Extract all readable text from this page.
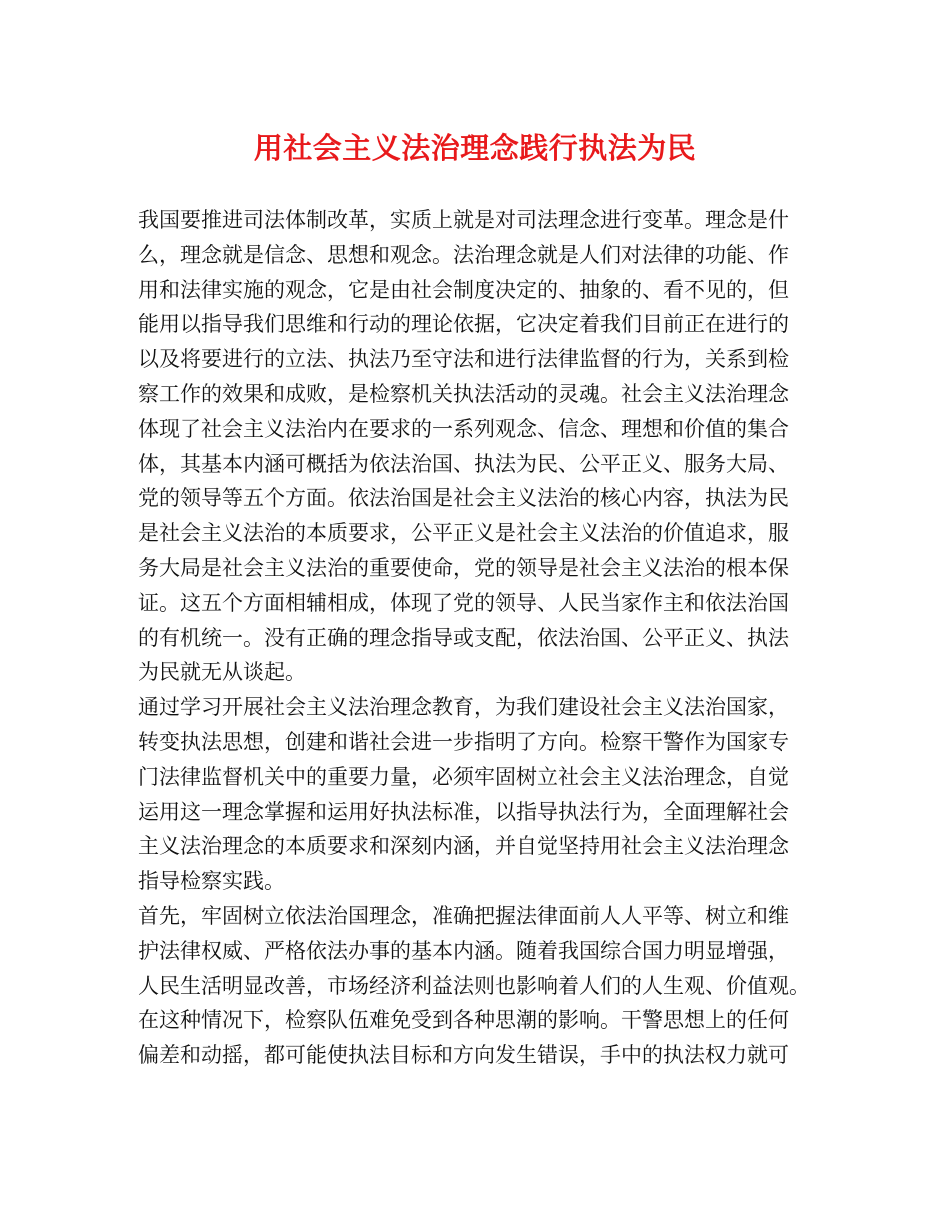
用社会主义法治理念践行执法为民
我国要推进司法体制改革，实质上就是对司法理念进行变革。理念是什
么，理念就是信念、思想和观念。法治理念就是人们对法律的功能、作
用和法律实施的观念，它是由社会制度决定的、抽象的、看不见的，但
能用以指导我们思维和行动的理论依据，它决定着我们目前正在进行的
以及将要进行的立法、执法乃至守法和进行法律监督的行为，关系到检
察工作的效果和成败，是检察机关执法活动的灵魂。社会主义法治理念
体现了社会主义法治内在要求的一系列观念、信念、理想和价值的集合
体，其基本内涵可概括为依法治国、执法为民、公平正义、服务大局、
党的领导等五个方面。依法治国是社会主义法治的核心内容，执法为民
是社会主义法治的本质要求，公平正义是社会主义法治的价值追求，服
务大局是社会主义法治的重要使命，党的领导是社会主义法治的根本保
证。这五个方面相辅相成，体现了党的领导、人民当家作主和依法治国
的有机统一。没有正确的理念指导或支配，依法治国、公平正义、执法
为民就无从谈起。
通过学习开展社会主义法治理念教育，为我们建设社会主义法治国家，
转变执法思想，创建和谐社会进一步指明了方向。检察干警作为国家专
门法律监督机关中的重要力量，必须牢固树立社会主义法治理念，自觉
运用这一理念掌握和运用好执法标准，以指导执法行为，全面理解社会
主义法治理念的本质要求和深刻内涵，并自觉坚持用社会主义法治理念
指导检察实践。
首先，牢固树立依法治国理念，准确把握法律面前人人平等、树立和维
护法律权威、严格依法办事的基本内涵。随着我国综合国力明显增强，
人民生活明显改善，市场经济利益法则也影响着人们的人生观、价值观。
在这种情况下，检察队伍难免受到各种思潮的影响。干警思想上的任何
偏差和动摇，都可能使执法目标和方向发生错误，手中的执法权力就可
